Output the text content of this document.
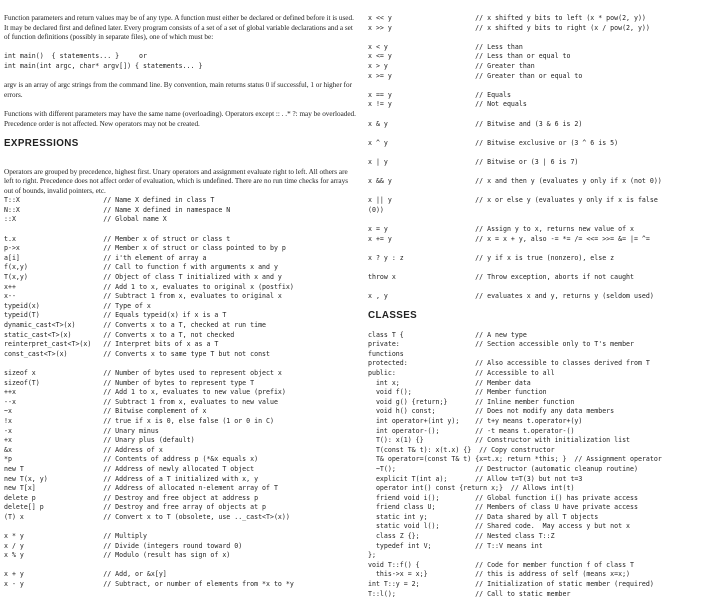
Function parameters and return values may be of any type. A function must either be declared or defined before it is used. It may be declared first and defined later. Every program consists of a set of a set of global variable declarations and a set of function definitions (possibly in separate files), one of which must be:
int main()  { statements... }     or
int main(int argc, char* argv[]) { statements... }
argv is an array of argc strings from the command line. By convention, main returns status 0 if successful, 1 or higher for errors.
Functions with different parameters may have the same name (overloading). Operators except :: . .* ?: may be overloaded. Precedence order is not affected. New operators may not be created.
EXPRESSIONS
Operators are grouped by precedence, highest first. Unary operators and assignment evaluate right to left. All others are left to right. Precedence does not affect order of evaluation, which is undefined. There are no run time checks for arrays out of bounds, invalid pointers, etc.
T::X                     // Name X defined in class T
N::X                     // Name X defined in namespace N
::X                      // Global name X
t.x                      // Member x of struct or class t
p->x                     // Member x of struct or class pointed to by p
a[i]                     // i'th element of array a
f(x,y)                   // Call to function f with arguments x and y
T(x,y)                   // Object of class T initialized with x and y
x++                      // Add 1 to x, evaluates to original x (postfix)
x--                      // Subtract 1 from x, evaluates to original x
typeid(x)                // Type of x
typeid(T)                // Equals typeid(x) if x is a T
dynamic_cast<T>(x)       // Converts x to a T, checked at run time
static_cast<T>(x)        // Converts x to a T, not checked
reinterpret_cast<T>(x)   // Interpret bits of x as a T
const_cast<T>(x)         // Converts x to same type T but not const
sizeof x                 // Number of bytes used to represent object x
sizeof(T)                // Number of bytes to represent type T
++x                      // Add 1 to x, evaluates to new value (prefix)
--x                      // Subtract 1 from x, evaluates to new value
~x                       // Bitwise complement of x
!x                       // true if x is 0, else false (1 or 0 in C)
-x                       // Unary minus
+x                       // Unary plus (default)
&x                       // Address of x
*p                       // Contents of address p (*&x equals x)
new T                    // Address of newly allocated T object
new T(x, y)              // Address of a T initialized with x, y
new T[x]                 // Address of allocated n-element array of T
delete p                 // Destroy and free object at address p
delete[] p               // Destroy and free array of objects at p
(T) x                    // Convert x to T (obsolete, use .._cast<T>(x))
x * y                    // Multiply
x / y                    // Divide (integers round toward 0)
x % y                    // Modulo (result has sign of x)
x + y                    // Add, or &x[y]
x - y                    // Subtract, or number of elements from *x to *y
x << y                     // x shifted y bits to left (x * pow(2, y))
x >> y                     // x shifted y bits to right (x / pow(2, y))
x < y                      // Less than
x <= y                     // Less than or equal to
x > y                      // Greater than
x >= y                     // Greater than or equal to
x == y                     // Equals
x != y                     // Not equals
x & y                      // Bitwise and (3 & 6 is 2)
x ^ y                      // Bitwise exclusive or (3 ^ 6 is 5)
x | y                      // Bitwise or (3 | 6 is 7)
x && y                     // x and then y (evaluates y only if x (not 0))
x || y                     // x or else y (evaluates y only if x is false
(0))
x = y                      // Assign y to x, returns new value of x
x += y                     // x = x + y, also -= *= /= <<= >>= &= |= ^=
x ? y : z                  // y if x is true (nonzero), else z
throw x                    // Throw exception, aborts if not caught
x , y                      // evaluates x and y, returns y (seldom used)
CLASSES
class T {                  // A new type
private:                   // Section accessible only to T's member
functions
protected:                 // Also accessible to classes derived from T
public:                    // Accessible to all
int x;                   // Member data
void f();                // Member function
void g() {return;}       // Inline member function
void h() const;          // Does not modify any data members
int operator+(int y);    // t+y means t.operator+(y)
int operator-();         // -t means t.operator-()
T(): x(1) {}             // Constructor with initialization list
T(const T& t): x(t.x) {}  // Copy constructor
T& operator=(const T& t) {x=t.x; return *this; }  // Assignment operator
~T();                    // Destructor (automatic cleanup routine)
explicit T(int a);       // Allow t=T(3) but not t=3
operator int() const {return x;}  // Allows int(t)
friend void i();         // Global function i() has private access
friend class U;          // Members of class U have private access
static int y;            // Data shared by all T objects
static void l();         // Shared code.  May access y but not x
class Z {};              // Nested class T::Z
typedef int V;           // T::V means int
};
void T::f() {              // Code for member function f of class T
this->x = x;}            // this is address of self (means x=x;)
int T::y = 2;              // Initialization of static member (required)
T::l();                    // Call to static member
